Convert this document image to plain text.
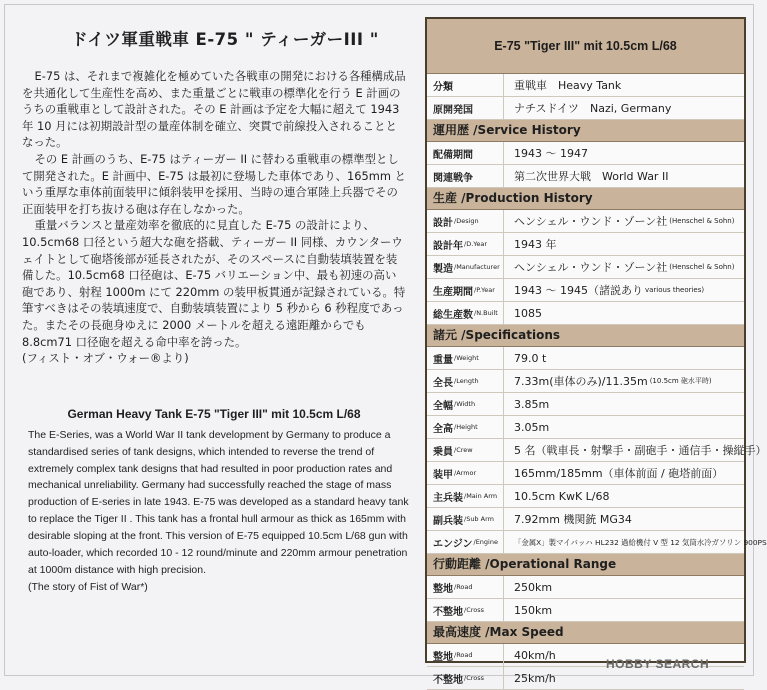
ドイツ軍重戦車 E-75 " ティーガーIII "

E-75 は、それまで複雑化を極めていた各戦車の開発における各種構成品を共通化して生産性を高め、また重量ごとに戦車の標準化を行う E 計画のうちの重戦車として設計された。その E 計画は予定を大幅に超えて 1943 年 10 月には初期設計型の量産体制を確立、突貫で前線投入されることとなった。

その E 計画のうち、E-75 はティーガー II に替わる重戦車の標準型として開発された。E 計画中、E-75 は最初に登場した車体であり、165mm という重厚な車体前面装甲に傾斜装甲を採用、当時の連合軍陸上兵器でその正面装甲を打ち抜ける砲は存在しなかった。

重量バランスと量産効率を徹底的に見直した E-75 の設計により、10.5cm68 口径という超大な砲を搭載、ティーガー II 同様、カウンターウェイトとして砲塔後部が延長されたが、そのスペースに自動装填装置を装備した。10.5cm68 口径砲は、E-75 バリエーション中、最も初速の高い砲であり、射程 1000m にて 220mm の装甲板貫通が記録されている。特筆すべきはその装填速度で、自動装填装置により 5 秒から 6 秒程度であった。またその長砲身ゆえに 2000 メートルを超える遠距離からでも 8.8cm71 口径砲を超える命中率を誇った。

(フィスト・オブ・ウォー®より)

German Heavy Tank E-75 "Tiger III" mit 10.5cm L/68

The E-Series, was a World War II tank development by Germany to produce a standardised series of tank designs, which intended to reverse the trend of extremely complex tank designs that had resulted in poor production rates and mechanical unreliability. Germany had successfully reached the stage of mass production of E-series in late 1943. E-75 was developed as a standard heavy tank to replace the Tiger II . This tank has a frontal hull armour as thick as 165mm with desirable sloping at the front. This version of E-75 equipped 10.5cm L/68 gun with auto-loader, which recorded 10 - 12 round/minute and 220mm armour penetration at 1000m distance with high precision.

(The story of Fist of War*)

E-75 "Tiger III" mit 10.5cm L/68
分類	重戦車　Heavy Tank
原開発国	ナチスドイツ　Nazi, Germany
運用歴 /Service History
配備期間	1943 〜 1947
関連戦争	第二次世界大戦　World War II
生産 /Production History
設計 /Design	ヘンシェル・ウンド・ゾーン社 (Henschel & Sohn)
設計年 /D.Year 1943 年
製造 /Manufacturer ヘンシェル・ウンド・ゾーン社 (Henschel & Sohn)
生産期間 /P.Year 1943 〜 1945（諸説あり various theories)
総生産数 /N.Built 1085
諸元 /Specifications
重量 /Weight	79.0 t
全長 /Length	7.33m(車体のみ)/11.35m (10.5cm 砲水平時)
全幅 /Width	3.85m
全高 /Height	3.05m
乗員 /Crew	5 名（戦車長・射撃手・副砲手・通信手・操縦手）
装甲 /Armor	165mm/185mm（車体前面 / 砲塔前面）
主兵装 /Main Arm 10.5cm KwK L/68
副兵装 /Sub Arm 7.92mm 機関銃 MG34
エンジン /Engine 「金属X」製マイバッハ HL232 過給機付 V 型 12 気筒水冷ガソリン 900PS
行動距離 /Operational Range
整地 /Road	250km
不整地 /Cross	150km
最高速度 /Max Speed
整地 /Road	40km/h
不整地 /Cross	25km/h
HOBBY SEARCH
